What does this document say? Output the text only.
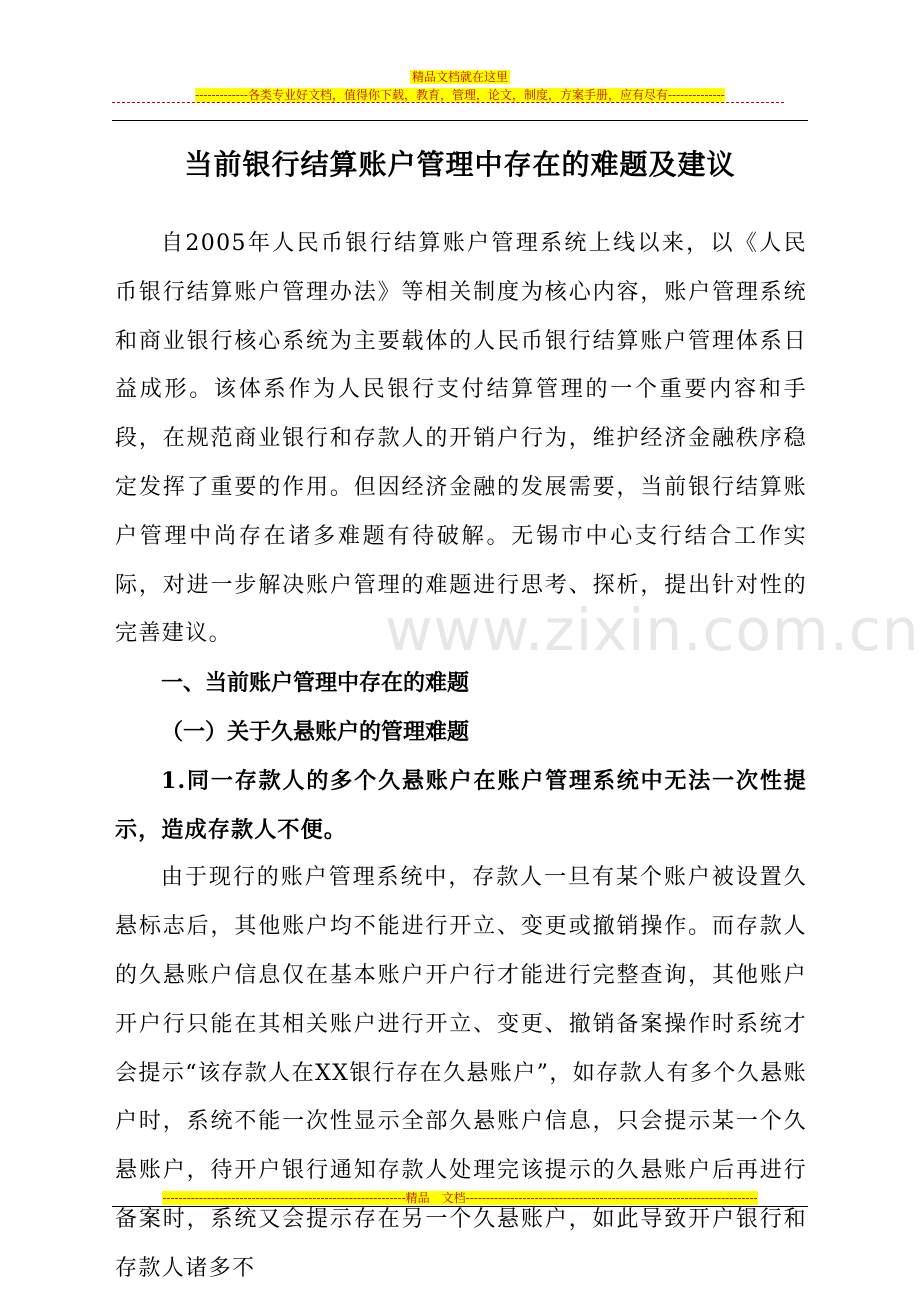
精品文档就在这里
-------------各类专业好文档，值得你下载，教育，管理，论文，制度，方案手册，应有尽有--------------
当前银行结算账户管理中存在的难题及建议

自2005年人民币银行结算账户管理系统上线以来，以《人民币银行结算账户管理办法》等相关制度为核心内容，账户管理系统和商业银行核心系统为主要载体的人民币银行结算账户管理体系日益成形。该体系作为人民银行支付结算管理的一个重要内容和手段，在规范商业银行和存款人的开销户行为，维护经济金融秩序稳定发挥了重要的作用。但因经济金融的发展需要，当前银行结算账户管理中尚存在诸多难题有待破解。无锡市中心支行结合工作实际，对进一步解决账户管理的难题进行思考、探析，提出针对性的完善建议。

一、当前账户管理中存在的难题

（一）关于久悬账户的管理难题

1.同一存款人的多个久悬账户在账户管理系统中无法一次性提示，造成存款人不便。

由于现行的账户管理系统中，存款人一旦有某个账户被设置久悬标志后，其他账户均不能进行开立、变更或撤销操作。而存款人的久悬账户信息仅在基本账户开户行才能进行完整查询，其他账户开户行只能在其相关账户进行开立、变更、撤销备案操作时系统才会提示“该存款人在XX银行存在久悬账户”，如存款人有多个久悬账户时，系统不能一次性显示全部久悬账户信息，只会提示某一个久悬账户，待开户银行通知存款人处理完该提示的久悬账户后再进行备案时，系统又会提示存在另一个久悬账户，如此导致开户银行和存款人诸多不

www.zixin.com.cn
------------------------------------------------------------精品　文档------------------------------------------------------------------------
